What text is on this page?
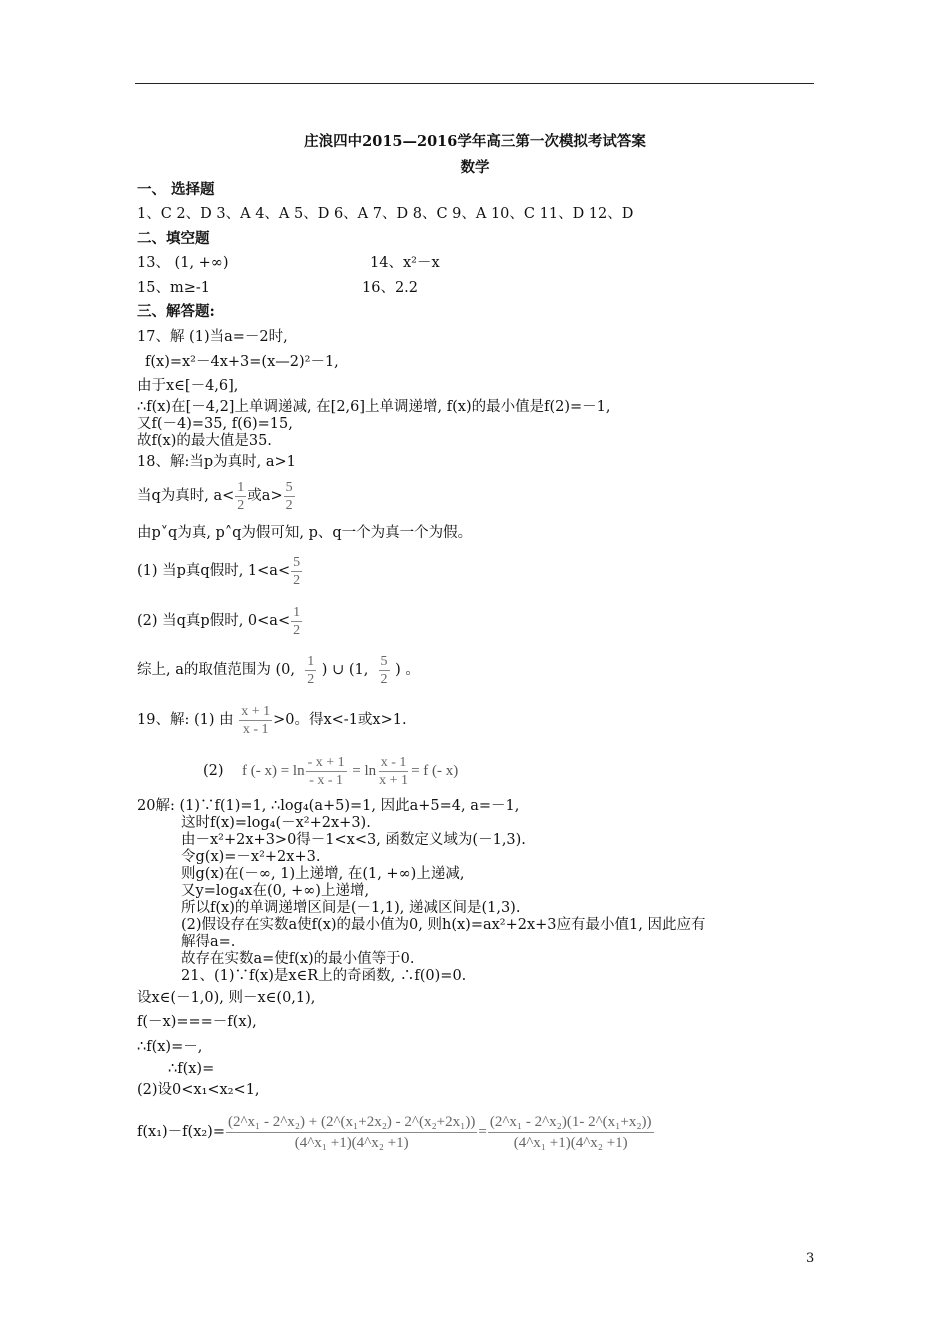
庄浪四中2015—2016学年高三第一次模拟考试答案
数学
一、 选择题
1、C 2、D 3、A 4、A 5、D 6、A 7、D 8、C 9、A 10、C 11、D 12、D
二、填空题
13、 (1, +∞)	14、x²－x
15、m≥-1	16、2.2
三、解答题:
17、解 (1)当a=－2时,
f(x)=x²－4x+3=(x—2)²－1,
由于x∈[－4,6],
∴f(x)在[－4,2]上单调递减, 在[2,6]上单调递增, f(x)的最小值是f(2)=－1,
又f(－4)=35, f(6)=15,
故f(x)的最大值是35.
18、解:当p为真时, a>1
当q为真时, $a< \frac{1}{2}$ 或$a> \frac{5}{2}$
由p˅q为真, p˄q为假可知, p、q一个为真一个为假。
(1) 当p真q假时, $1<a< \frac{5}{2}$
(2) 当q真p假时, $0<a< \frac{1}{2}$
综上, a的取值范围为 (0, $\frac{1}{2}$ ) ∪ (1, $\frac{5}{2}$ ) 。
19、解: (1) 由 $\frac{x + 1}{x - 1} >0$。得x<-1或x>1.
(2) f (- $x) = \ln \frac{- x + 1}{- x - 1} = \ln \frac{x - 1}{x + 1} = f$ (- x)
20解: (1)∵f(1)=1, ∴log₄(a+5)=1, 因此a+5=4, a=－1,
这时f(x)=log₄(－x²+2x+3).
由－x²+2x+3>0得－1<x<3, 函数定义域为(－1,3).
令g(x)=－x²+2x+3.
则g(x)在(－∞, 1)上递增, 在(1, +∞)上递减,
又y=log₄x在(0, +∞)上递增,
所以f(x)的单调递增区间是(－1,1), 递减区间是(1,3).
(2)假设存在实数a使f(x)的最小值为0, 则h(x)=ax²+2x+3应有最小值1, 因此应有
解得a=.
故存在实数a=使f(x)的最小值等于0.
21、(1)∵f(x)是x∈R上的奇函数, ∴f(0)=0.
设x∈(－1,0), 则－x∈(0,1),
f(－x)===－f(x),
∴f(x)=－,
∴f(x)=
(2)设0<x₁<x₂<1,
$f(x_1)-f(x_2)= \frac{\text{(2\textasciicircum{}x₁ - 2\textasciicircum{}x₂) + (2\textasciicircum{}(x₁+2x₂) - 2\textasciicircum{}(x₂+2x₁))}}{\text{(4\textasciicircum{}x₁ +1)(4\textasciicircum{}x₂ +1)}} = \frac{\text{(2\textasciicircum{}x₁ - 2\textasciicircum{}x₂)(1- 2\textasciicircum{}(x₁+x₂))}}{\text{(4\textasciicircum{}x₁ +1)(4\textasciicircum{}x₂ +1)}}$
3
